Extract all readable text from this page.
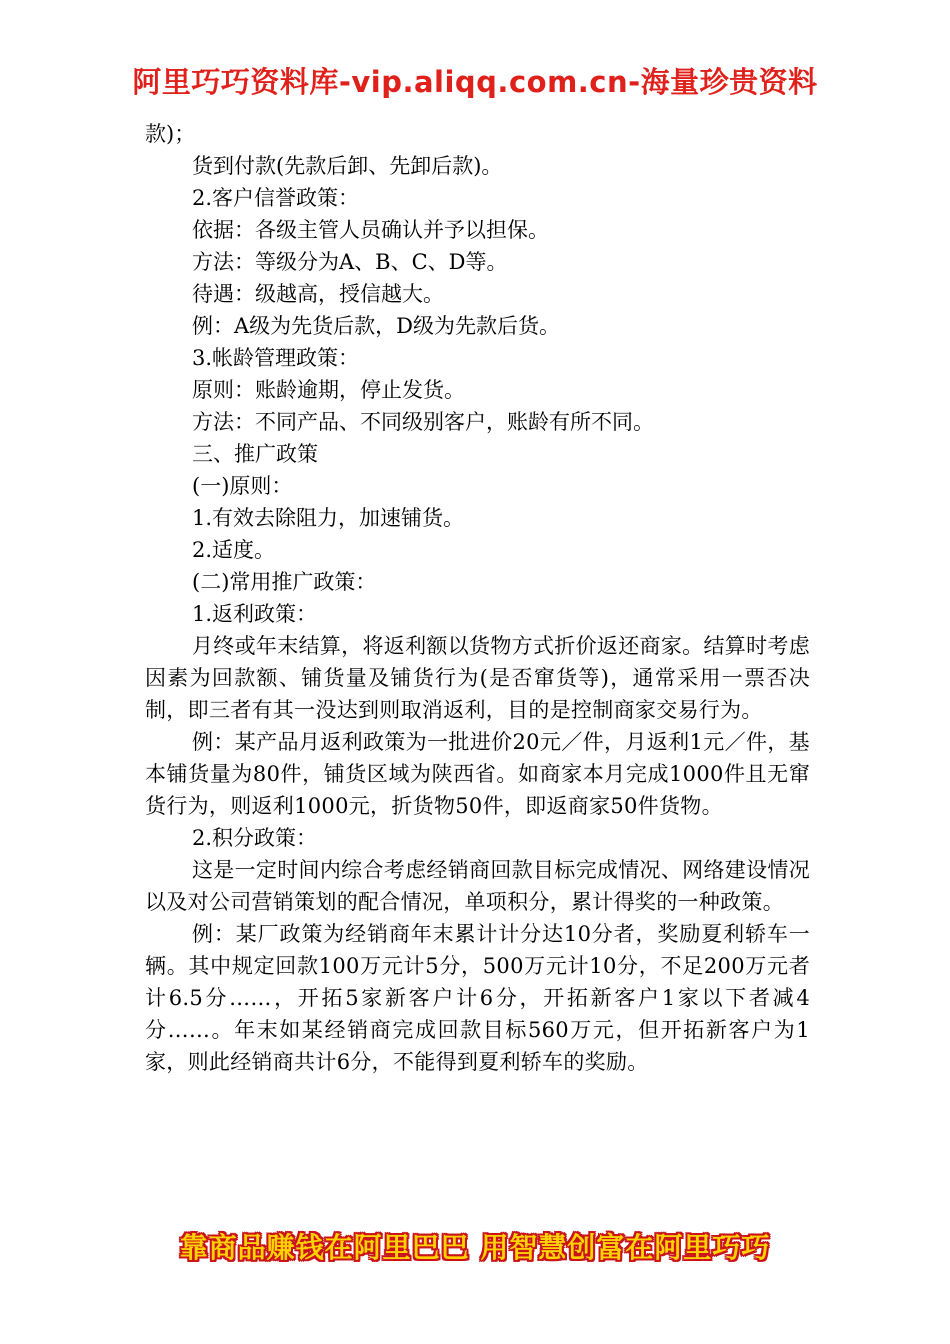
阿里巧巧资料库-vip.aliqq.com.cn-海量珍贵资料
款)；
货到付款(先款后卸、先卸后款)。
2.客户信誉政策：
依据：各级主管人员确认并予以担保。
方法：等级分为A、B、C、D等。
待遇：级越高，授信越大。
例：A级为先货后款，D级为先款后货。
3.帐龄管理政策：
原则：账龄逾期，停止发货。
方法：不同产品、不同级别客户，账龄有所不同。
三、推广政策
(一)原则：
1.有效去除阻力，加速铺货。
2.适度。
(二)常用推广政策：
1.返利政策：
月终或年末结算，将返利额以货物方式折价返还商家。结算时考虑因素为回款额、铺货量及铺货行为(是否窜货等)，通常采用一票否决制，即三者有其一没达到则取消返利，目的是控制商家交易行为。
例：某产品月返利政策为一批进价20元／件，月返利1元／件，基本铺货量为80件，铺货区域为陕西省。如商家本月完成1000件且无窜货行为，则返利1000元，折货物50件，即返商家50件货物。
2.积分政策：
这是一定时间内综合考虑经销商回款目标完成情况、网络建设情况以及对公司营销策划的配合情况，单项积分，累计得奖的一种政策。
例：某厂政策为经销商年末累计计分达10分者，奖励夏利轿车一辆。其中规定回款100万元计5分，500万元计10分，不足200万元者计6.5分……，开拓5家新客户计6分，开拓新客户1家以下者减4分……。年末如某经销商完成回款目标560万元，但开拓新客户为1家，则此经销商共计6分，不能得到夏利轿车的奖励。
靠商品赚钱在阿里巴巴 用智慧创富在阿里巧巧
